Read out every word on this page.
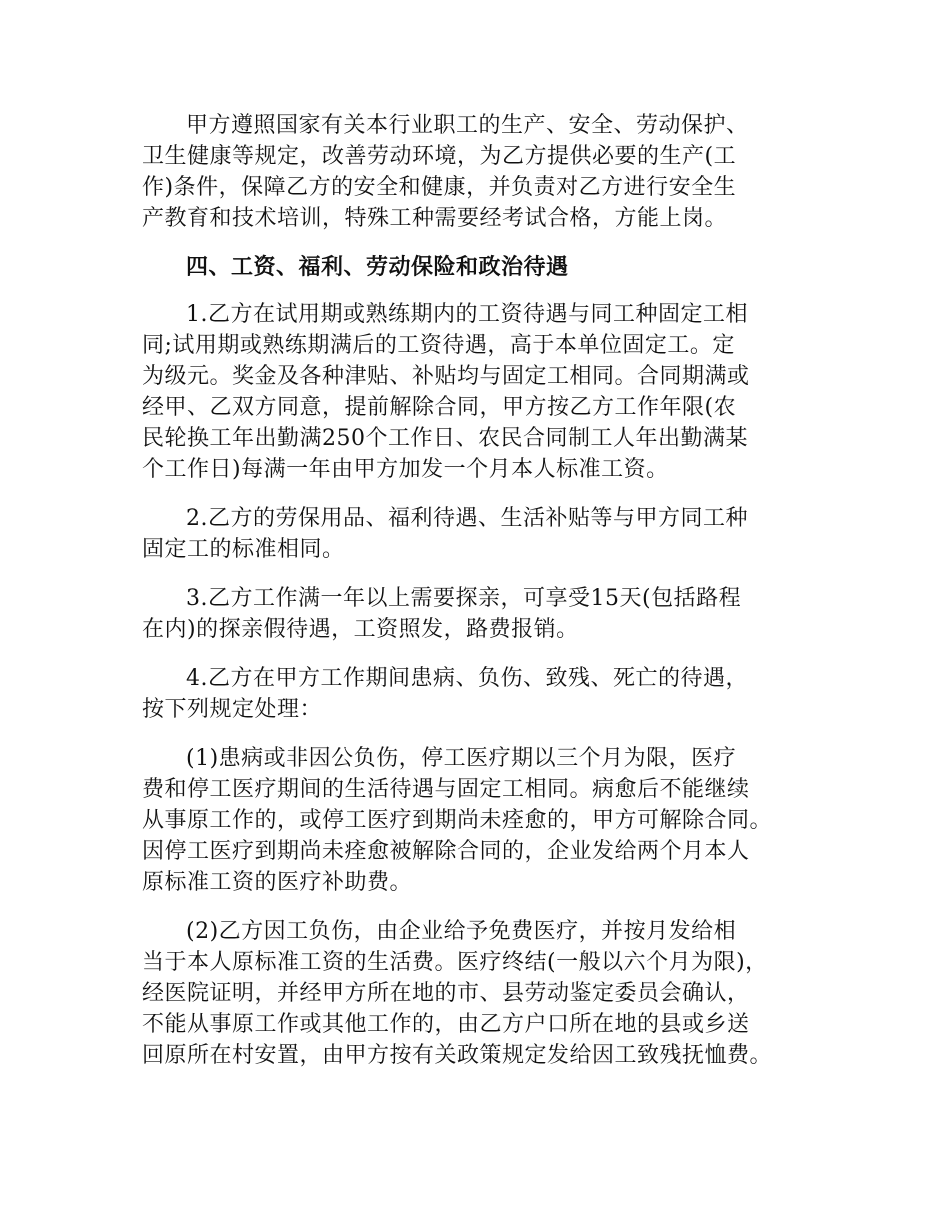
甲方遵照国家有关本行业职工的生产、安全、劳动保护、
卫生健康等规定，改善劳动环境，为乙方提供必要的生产(工
作)条件，保障乙方的安全和健康，并负责对乙方进行安全生
产教育和技术培训，特殊工种需要经考试合格，方能上岗。

四、工资、福利、劳动保险和政治待遇

1.乙方在试用期或熟练期内的工资待遇与同工种固定工相
同;试用期或熟练期满后的工资待遇，高于本单位固定工。定
为级元。奖金及各种津贴、补贴均与固定工相同。合同期满或
经甲、乙双方同意，提前解除合同，甲方按乙方工作年限(农
民轮换工年出勤满250个工作日、农民合同制工人年出勤满某
个工作日)每满一年由甲方加发一个月本人标准工资。

2.乙方的劳保用品、福利待遇、生活补贴等与甲方同工种
固定工的标准相同。

3.乙方工作满一年以上需要探亲，可享受15天(包括路程
在内)的探亲假待遇，工资照发，路费报销。

4.乙方在甲方工作期间患病、负伤、致残、死亡的待遇，
按下列规定处理：

(1)患病或非因公负伤，停工医疗期以三个月为限，医疗
费和停工医疗期间的生活待遇与固定工相同。病愈后不能继续
从事原工作的，或停工医疗到期尚未痊愈的，甲方可解除合同。
因停工医疗到期尚未痊愈被解除合同的，企业发给两个月本人
原标准工资的医疗补助费。

(2)乙方因工负伤，由企业给予免费医疗，并按月发给相
当于本人原标准工资的生活费。医疗终结(一般以六个月为限)，
经医院证明，并经甲方所在地的市、县劳动鉴定委员会确认，
不能从事原工作或其他工作的，由乙方户口所在地的县或乡送
回原所在村安置，由甲方按有关政策规定发给因工致残抚恤费。
